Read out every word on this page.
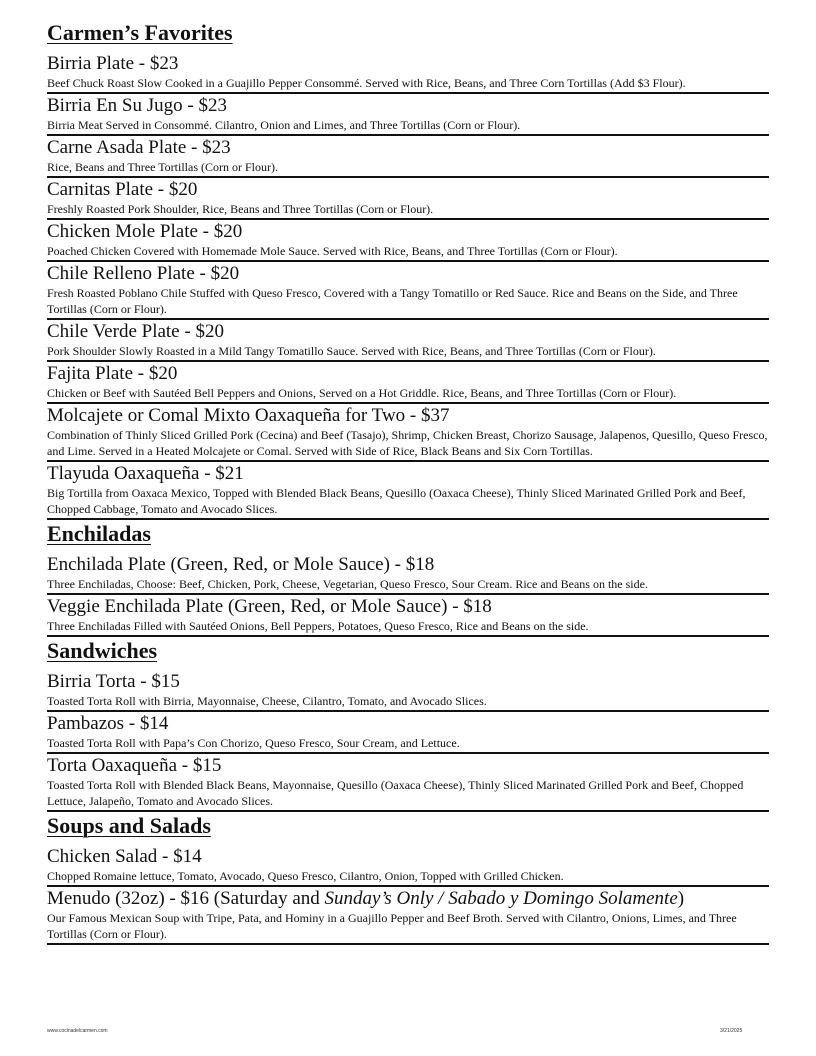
Carmen’s Favorites

Birria Plate - $23

Beef Chuck Roast Slow Cooked in a Guajillo Pepper Consommé. Served with Rice, Beans, and Three Corn Tortillas (Add $3 Flour).

Birria En Su Jugo - $23

Birria Meat Served in Consommé. Cilantro, Onion and Limes, and Three Tortillas (Corn or Flour).

Carne Asada Plate - $23

Rice, Beans and Three Tortillas (Corn or Flour).

Carnitas Plate - $20

Freshly Roasted Pork Shoulder, Rice, Beans and Three Tortillas (Corn or Flour).

Chicken Mole Plate - $20

Poached Chicken Covered with Homemade Mole Sauce. Served with Rice, Beans, and Three Tortillas (Corn or Flour).

Chile Relleno Plate - $20

Fresh Roasted Poblano Chile Stuffed with Queso Fresco, Covered with a Tangy Tomatillo or Red Sauce. Rice and Beans on the Side, and Three Tortillas (Corn or Flour).

Chile Verde Plate - $20

Pork Shoulder Slowly Roasted in a Mild Tangy Tomatillo Sauce. Served with Rice, Beans, and Three Tortillas (Corn or Flour).

Fajita Plate - $20

Chicken or Beef with Sautéed Bell Peppers and Onions, Served on a Hot Griddle. Rice, Beans, and Three Tortillas (Corn or Flour).

Molcajete or Comal Mixto Oaxaqueña for Two - $37

Combination of Thinly Sliced Grilled Pork (Cecina) and Beef (Tasajo), Shrimp, Chicken Breast, Chorizo Sausage, Jalapenos, Quesillo, Queso Fresco, and Lime. Served in a Heated Molcajete or Comal. Served with Side of Rice, Black Beans and Six Corn Tortillas.

Tlayuda Oaxaqueña - $21

Big Tortilla from Oaxaca Mexico, Topped with Blended Black Beans, Quesillo (Oaxaca Cheese), Thinly Sliced Marinated Grilled Pork and Beef, Chopped Cabbage, Tomato and Avocado Slices.

Enchiladas

Enchilada Plate (Green, Red, or Mole Sauce) - $18

Three Enchiladas, Choose: Beef, Chicken, Pork, Cheese, Vegetarian, Queso Fresco, Sour Cream. Rice and Beans on the side.

Veggie Enchilada Plate (Green, Red, or Mole Sauce) - $18

Three Enchiladas Filled with Sautéed Onions, Bell Peppers, Potatoes, Queso Fresco, Rice and Beans on the side.

Sandwiches

Birria Torta - $15

Toasted Torta Roll with Birria, Mayonnaise, Cheese, Cilantro, Tomato, and Avocado Slices.

Pambazos - $14

Toasted Torta Roll with Papa’s Con Chorizo, Queso Fresco, Sour Cream, and Lettuce.

Torta Oaxaqueña - $15

Toasted Torta Roll with Blended Black Beans, Mayonnaise, Quesillo (Oaxaca Cheese), Thinly Sliced Marinated Grilled Pork and Beef, Chopped Lettuce, Jalapeño, Tomato and Avocado Slices.

Soups and Salads

Chicken Salad - $14

Chopped Romaine lettuce, Tomato, Avocado, Queso Fresco, Cilantro, Onion, Topped with Grilled Chicken.

Menudo (32oz) - $16 (Saturday and Sunday’s Only / Sabado y Domingo Solamente)

Our Famous Mexican Soup with Tripe, Pata, and Hominy in a Guajillo Pepper and Beef Broth. Served with Cilantro, Onions, Limes, and Three Tortillas (Corn or Flour).

www.cocinadelcarmen.com	3/21/2025
